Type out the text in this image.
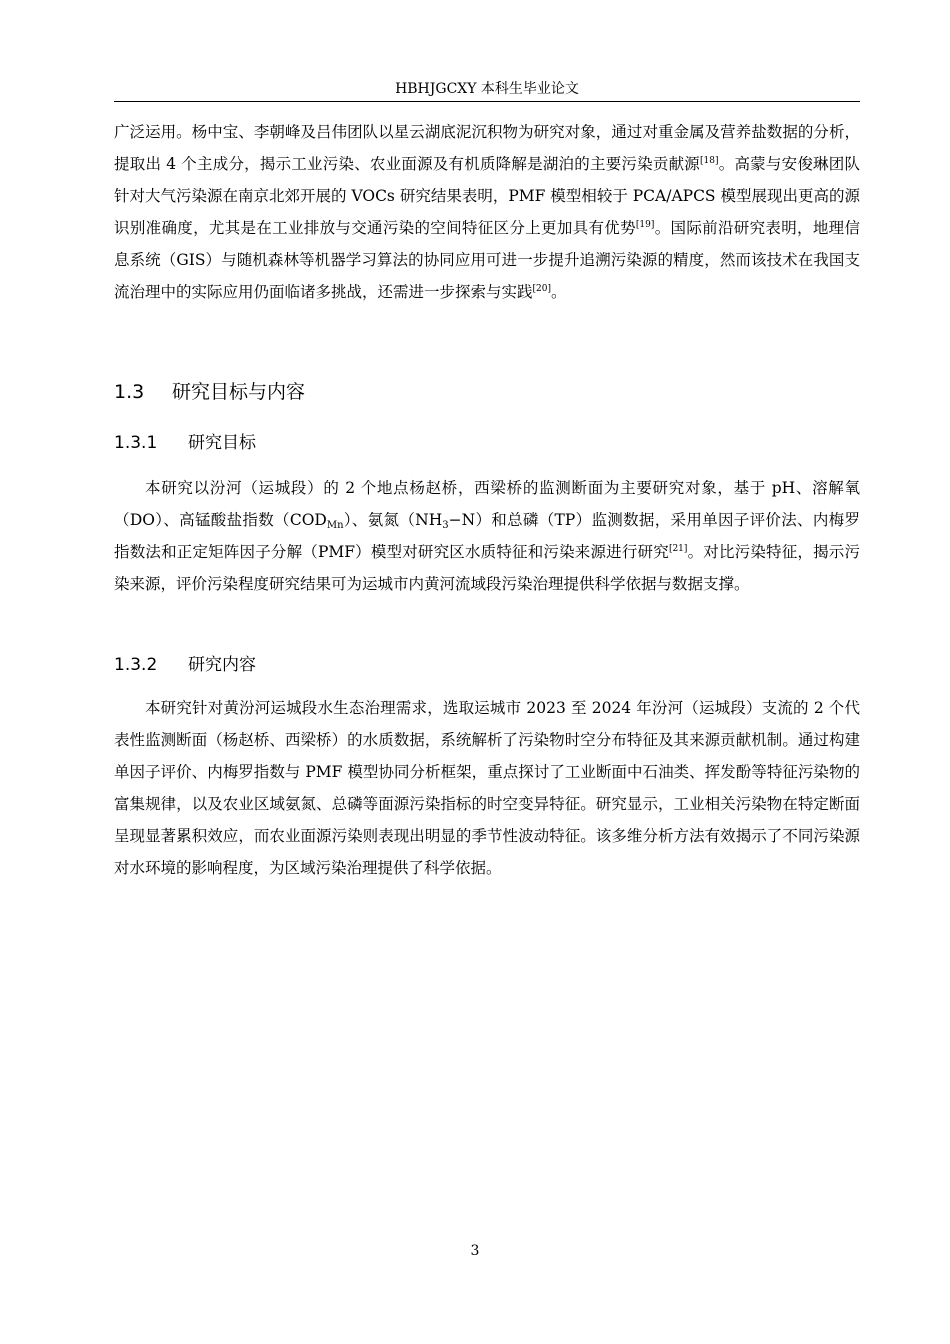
HBHJGCXY 本科生毕业论文

广泛运用。杨中宝、李朝峰及吕伟团队以星云湖底泥沉积物为研究对象，通过对重金属及营养盐数据的分析，提取出 4 个主成分，揭示工业污染、农业面源及有机质降解是湖泊的主要污染贡献源[18]。高蒙与安俊琳团队针对大气污染源在南京北郊开展的 VOCs 研究结果表明，PMF 模型相较于 PCA/APCS 模型展现出更高的源识别准确度，尤其是在工业排放与交通污染的空间特征区分上更加具有优势[19]。国际前沿研究表明，地理信息系统（GIS）与随机森林等机器学习算法的协同应用可进一步提升追溯污染源的精度，然而该技术在我国支流治理中的实际应用仍面临诸多挑战，还需进一步探索与实践[20]。

1.3 研究目标与内容
1.3.1 研究目标

本研究以汾河（运城段）的 2 个地点杨赵桥，西梁桥的监测断面为主要研究对象，基于 pH、溶解氧（DO）、高锰酸盐指数$(COD_{Mn})$、氨氮$(NH_3-N)$和总磷（TP）监测数据，采用单因子评价法、内梅罗指数法和正定矩阵因子分解（PMF）模型对研究区水质特征和污染来源进行研究[21]。对比污染特征，揭示污染来源，评价污染程度研究结果可为运城市内黄河流域段污染治理提供科学依据与数据支撑。

1.3.2 研究内容

本研究针对黄汾河运城段水生态治理需求，选取运城市 2023 至 2024 年汾河（运城段）支流的 2 个代表性监测断面（杨赵桥、西梁桥）的水质数据，系统解析了污染物时空分布特征及其来源贡献机制。通过构建单因子评价、内梅罗指数与 PMF 模型协同分析框架，重点探讨了工业断面中石油类、挥发酚等特征污染物的富集规律，以及农业区域氨氮、总磷等面源污染指标的时空变异特征。研究显示，工业相关污染物在特定断面呈现显著累积效应，而农业面源污染则表现出明显的季节性波动特征。该多维分析方法有效揭示了不同污染源对水环境的影响程度，为区域污染治理提供了科学依据。

3
